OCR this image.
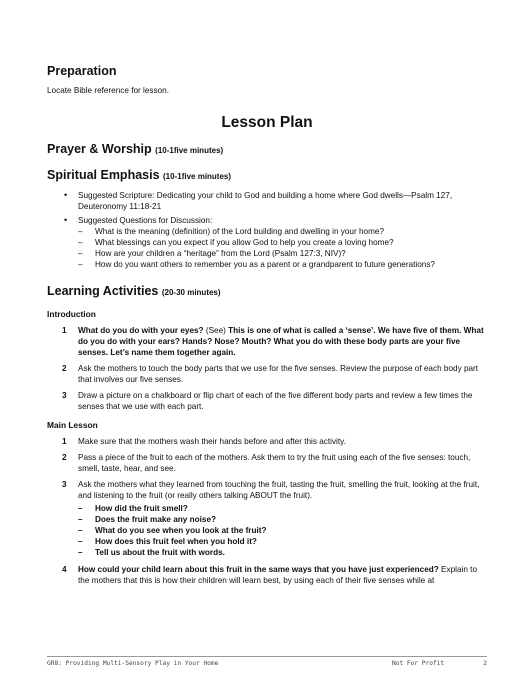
Preparation

Locate Bible reference for lesson.

Lesson Plan

Prayer & Worship (10-1five minutes)

Spiritual Emphasis (10-1five minutes)

• Suggested Scripture: Dedicating your child to God and building a home where God dwells—Psalm 127, Deuteronomy 11:18-21
• Suggested Questions for Discussion:
– What is the meaning (definition) of the Lord building and dwelling in your home?
– What blessings can you expect if you allow God to help you create a loving home?
– How are your children a “heritage” from the Lord (Psalm 127:3, NIV)?
– How do you want others to remember you as a parent or a grandparent to future generations?

Learning Activities (20-30 minutes)

Introduction

1 What do you do with your eyes? (See) This is one of what is called a ‘sense’. We have five of them. What do you do with your ears? Hands? Nose? Mouth? What you do with these body parts are your five senses. Let’s name them together again.
2 Ask the mothers to touch the body parts that we use for the five senses. Review the purpose of each body part that involves our five senses.
3 Draw a picture on a chalkboard or flip chart of each of the five different body parts and review a few times the senses that we use with each part.

Main Lesson

1 Make sure that the mothers wash their hands before and after this activity.
2 Pass a piece of the fruit to each of the mothers. Ask them to try the fruit using each of the five senses: touch, smell, taste, hear, and see.
3 Ask the mothers what they learned from touching the fruit, tasting the fruit, smelling the fruit, looking at the fruit, and listening to the fruit (or really others talking ABOUT the fruit).
– How did the fruit smell?
– Does the fruit make any noise?
– What do you see when you look at the fruit?
– How does this fruit feel when you hold it?
– Tell us about the fruit with words.
4 How could your child learn about this fruit in the same ways that you have just experienced? Explain to the mothers that this is how their children will learn best, by using each of their five senses while at
GR8: Providing Multi-Sensory Play in Your Home	Not For Profit	2
